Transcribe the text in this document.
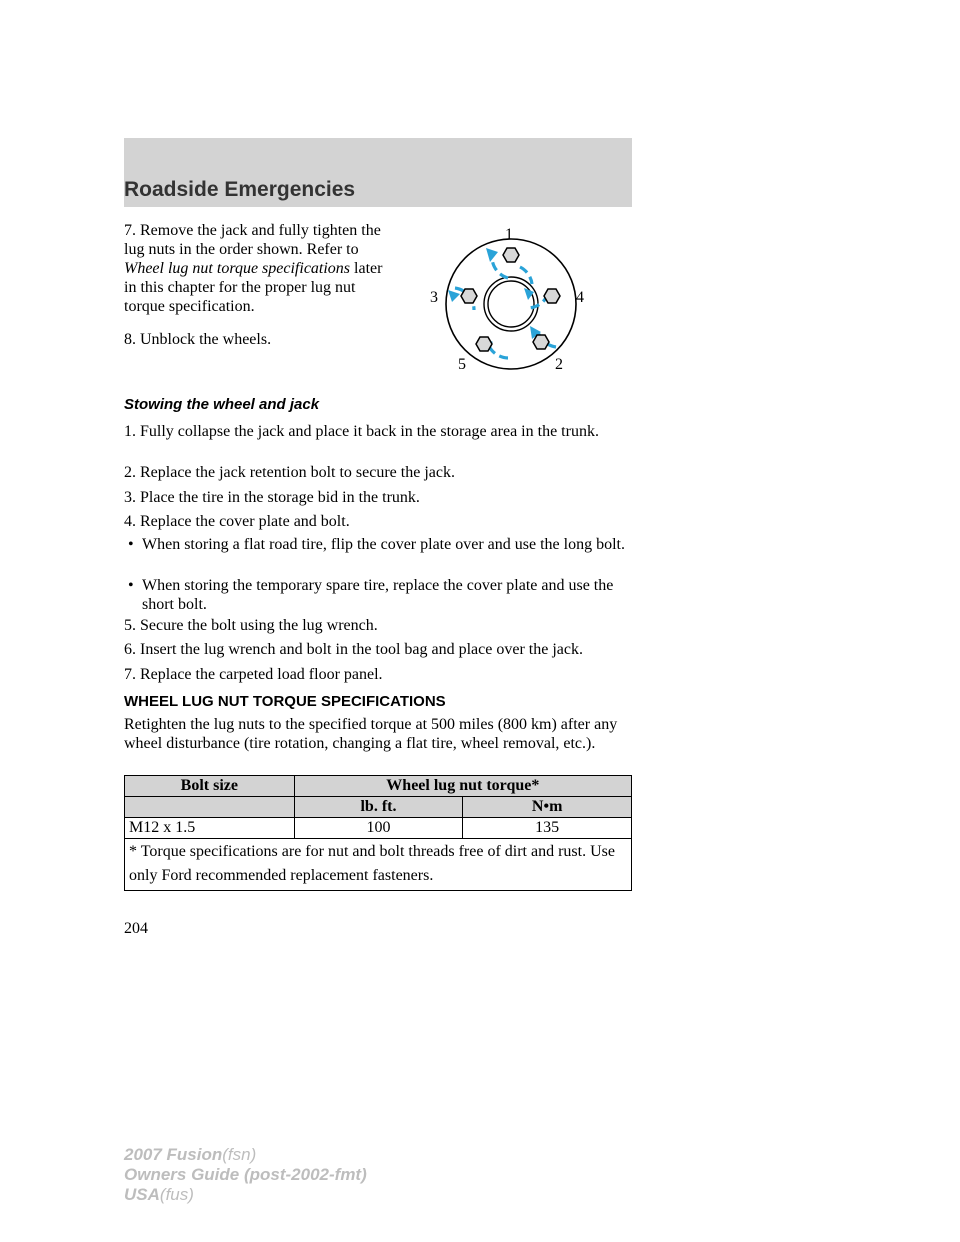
Roadside Emergencies

7. Remove the jack and fully tighten the lug nuts in the order shown. Refer to Wheel lug nut torque specifications later in this chapter for the proper lug nut torque specification.

8. Unblock the wheels.

1
2
3	4
5
Stowing the wheel and jack

1. Fully collapse the jack and place it back in the storage area in the trunk.

2. Replace the jack retention bolt to secure the jack.

3. Place the tire in the storage bid in the trunk.

4. Replace the cover plate and bolt.

• When storing a flat road tire, flip the cover plate over and use the long bolt.
• When storing the temporary spare tire, replace the cover plate and use the short bolt.

5. Secure the bolt using the lug wrench.

6. Insert the lug wrench and bolt in the tool bag and place over the jack.

7. Replace the carpeted load floor panel.

WHEEL LUG NUT TORQUE SPECIFICATIONS

Retighten the lug nuts to the specified torque at 500 miles (800 km) after any wheel disturbance (tire rotation, changing a flat tire, wheel removal, etc.).

Bolt size	Wheel lug nut torque*	
	lb. ft.	N•m
M12 x 1.5	100	135
* Torque specifications are for nut and bolt threads free of dirt and rust. Use only Ford recommended replacement fasteners.		
204
2007 Fusion(fsn)
Owners Guide (post-2002-fmt)
USA(fus)
